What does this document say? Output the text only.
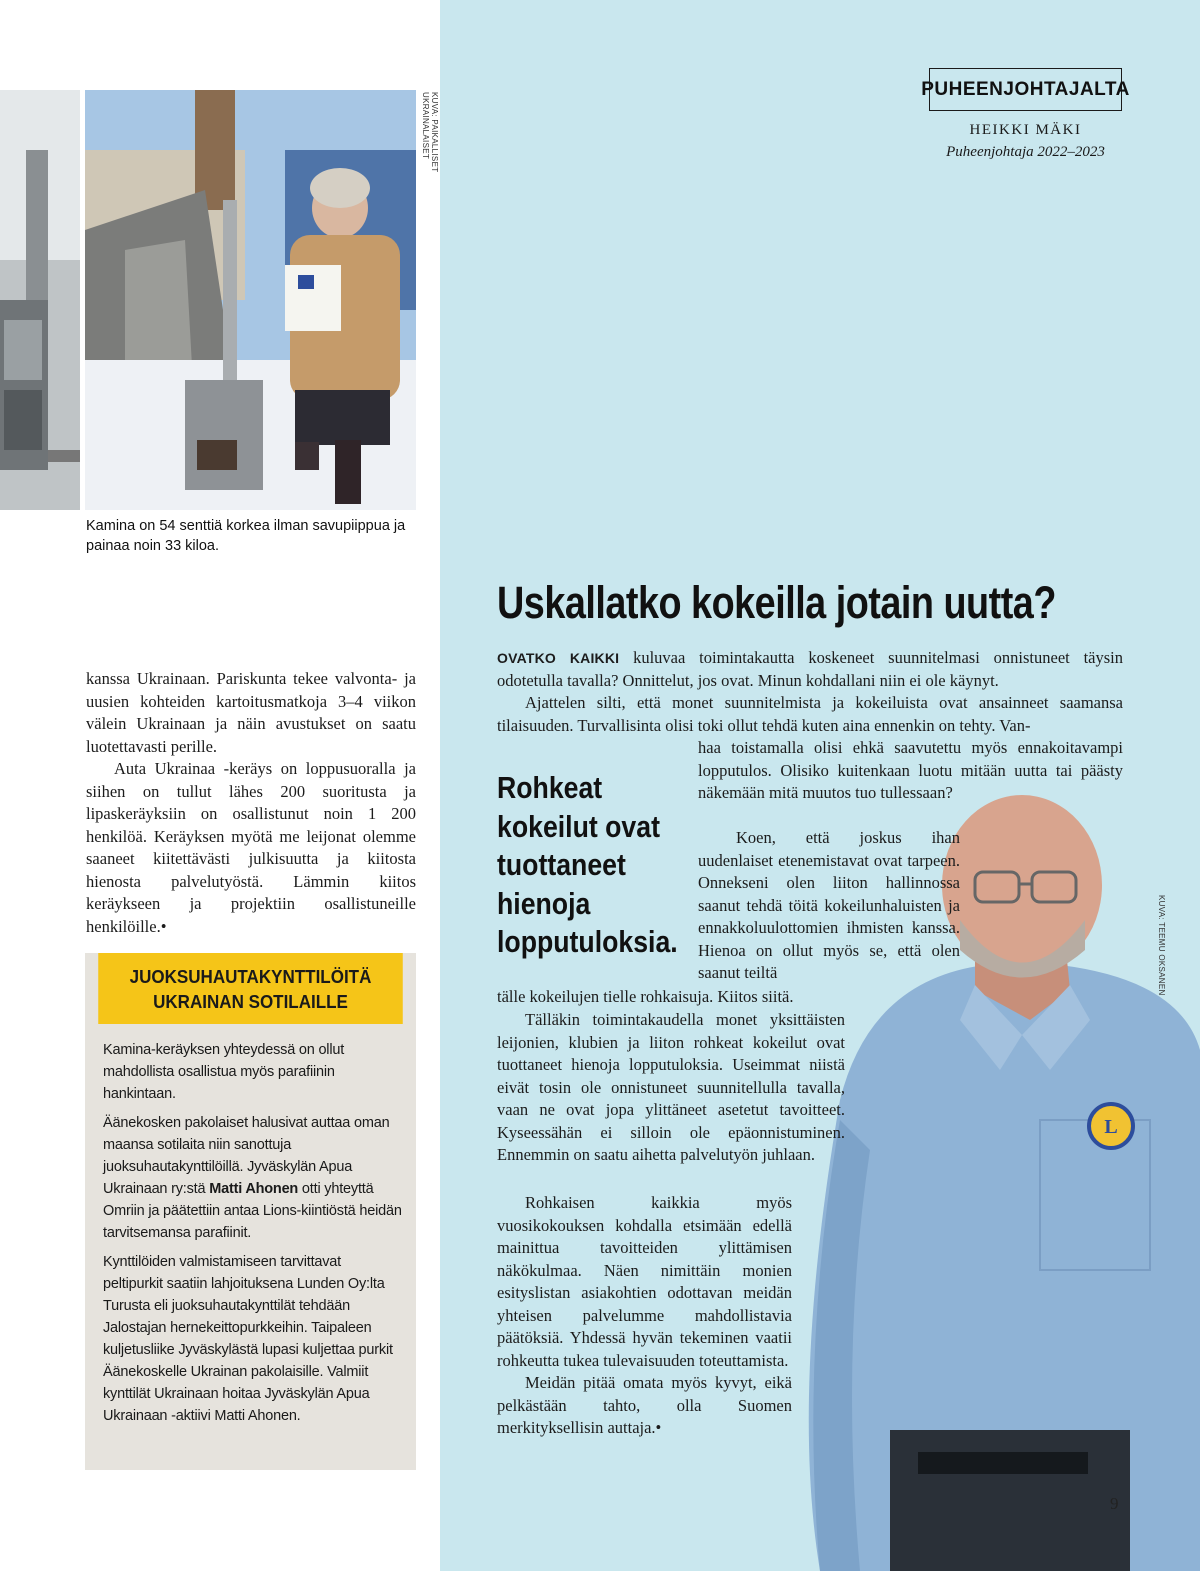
KUVA: PAIKALLISET UKRAINALAISET
Kamina on 54 senttiä korkea ilman savupiippua ja painaa noin 33 kiloa.

kanssa Ukrainaan. Pariskunta tekee valvonta- ja uusien kohteiden kartoitusmatkoja 3–4 viikon välein Ukrainaan ja näin avustukset on saatu luotettavasti perille.

Auta Ukrainaa -keräys on loppusuoralla ja siihen on tullut lähes 200 suoritusta ja lipaskeräyksiin on osallistunut noin 1 200 henkilöä. Keräyksen myötä me leijonat olemme saaneet kiitettävästi julkisuutta ja kiitosta hienosta palvelutyöstä. Lämmin kiitos keräykseen ja projektiin osallistuneille henkilöille.•

JUOKSUHAUTAKYNTTILÖITÄ
UKRAINAN SOTILAILLE

Kamina-keräyksen yhteydessä on ollut mahdollista osallistua myös parafiinin hankintaan.

Äänekosken pakolaiset halusivat auttaa oman maansa sotilaita niin sanottuja juoksuhautakynttilöillä. Jyväskylän Apua Ukrainaan ry:stä Matti Ahonen otti yhteyttä Omriin ja päätettiin antaa Lions-kiintiöstä heidän tarvitsemansa parafiinit.

Kynttilöiden valmistamiseen tarvittavat peltipurkit saatiin lahjoituksena Lunden Oy:lta Turusta eli juoksuhautakynttilät tehdään Jalostajan hernekeittopurkkeihin. Taipaleen kuljetusliike Jyväskylästä lupasi kuljettaa purkit Äänekoskelle Ukrainan pakolaisille. Valmiit kynttilät Ukrainaan hoitaa Jyväskylän Apua Ukrainaan -aktiivi Matti Ahonen.

PUHEENJOHTAJALTA
HEIKKI MÄKI
Puheenjohtaja 2022–2023
L
KUVA: TEEMU OKSANEN
Uskallatko kokeilla jotain uutta?
Rohkeat
kokeilut ovat
tuottaneet
hienoja
lopputuloksia.

OVATKO KAIKKI kuluvaa toimintakautta koskeneet suunnitelmasi onnistuneet täysin odotetulla tavalla? Onnittelut, jos ovat. Minun kohdallani niin ei ole käynyt.

Ajattelen silti, että monet suunnitelmista ja kokeiluista ovat ansainneet saamansa tilaisuuden. Turvallisinta olisi toki ollut tehdä kuten aina ennenkin on tehty. Van-

haa toistamalla olisi ehkä saavutettu myös ennakoitavampi lopputulos. Olisiko kuitenkaan luotu mitään uutta tai päästy näkemään mitä muutos tuo tullessaan?
Koen, että joskus ihan uudenlaiset etenemistavat ovat tarpeen. Onnekseni olen liiton hallinnossa saanut tehdä töitä kokeilunhaluisten ja ennakkoluulottomien ihmisten kanssa. Hienoa on ollut myös se, että olen saanut teiltä
tälle kokeilujen tielle rohkaisuja. Kiitos siitä.

Tälläkin toimintakaudella monet yksittäisten leijonien, klubien ja liiton rohkeat kokeilut ovat tuottaneet hienoja lopputuloksia. Useimmat niistä eivät tosin ole onnistuneet suunnitellulla tavalla, vaan ne ovat jopa ylittäneet asetetut tavoitteet. Kyseessähän ei silloin ole epäonnistuminen. Ennemmin on saatu aihetta palvelutyön juhlaan.

Rohkaisen kaikkia myös vuosikokouksen kohdalla etsimään edellä mainittua tavoitteiden ylittämisen näkökulmaa. Näen nimittäin monien esityslistan asiakohtien odottavan meidän yhteisen palvelumme mahdollistavia päätöksiä. Yhdessä hyvän tekeminen vaatii rohkeutta tukea tulevaisuuden toteuttamista.

Meidän pitää omata myös kyvyt, eikä pelkästään tahto, olla Suomen merkityksellisin auttaja.•

9
